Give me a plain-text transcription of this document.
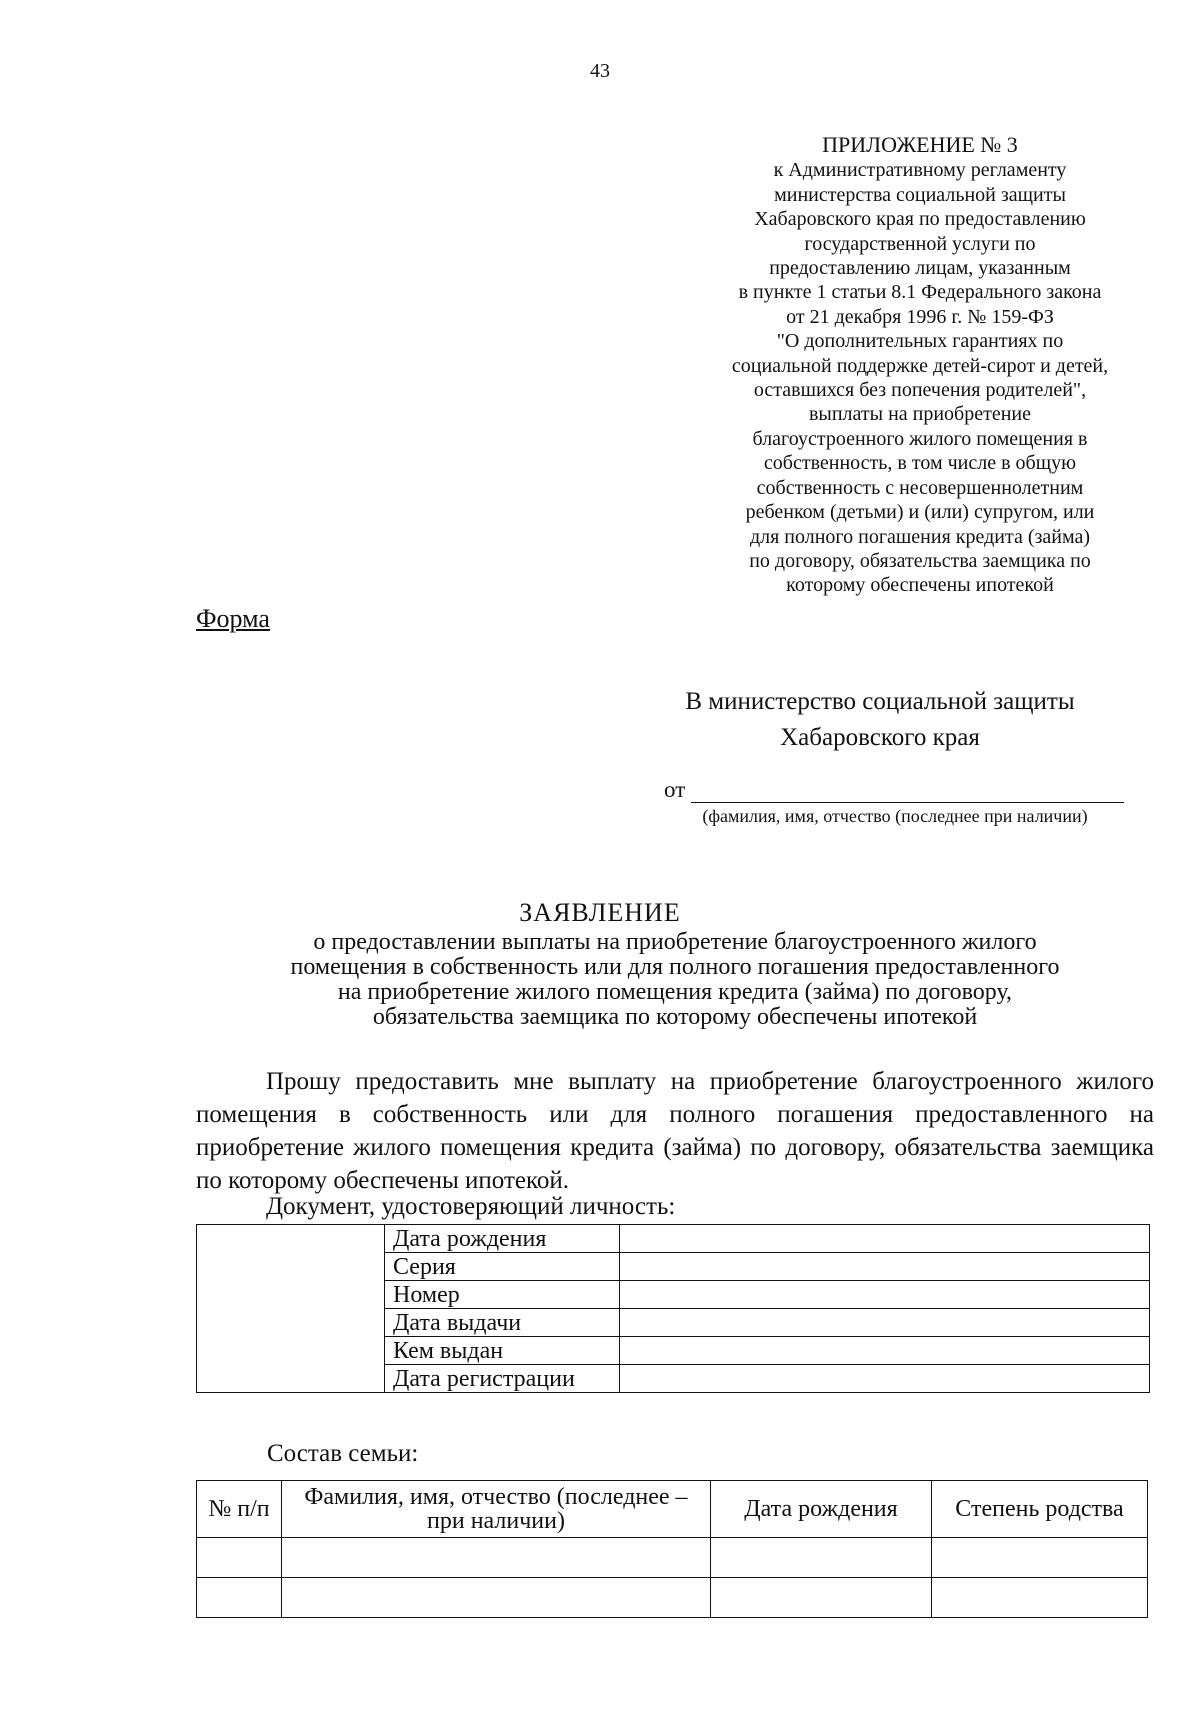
43
ПРИЛОЖЕНИЕ № 3
к Административному регламенту
министерства социальной защиты
Хабаровского края по предоставлению
государственной услуги по
предоставлению лицам, указанным
в пункте 1 статьи 8.1 Федерального закона
от 21 декабря 1996 г. № 159-ФЗ
"О дополнительных гарантиях по
социальной поддержке детей-сирот и детей,
оставшихся без попечения родителей",
выплаты на приобретение
благоустроенного жилого помещения в
собственность, в том числе в общую
собственность с несовершеннолетним
ребенком (детьми) и (или) супругом, или
для полного погашения кредита (займа)
по договору, обязательства заемщика по
которому обеспечены ипотекой
Форма
В министерство социальной защиты
Хабаровского края
от
(фамилия, имя, отчество (последнее при наличии)
ЗАЯВЛЕНИЕ
о предоставлении выплаты на приобретение благоустроенного жилого
помещения в собственность или для полного погашения предоставленного
на приобретение жилого помещения кредита (займа) по договору,
обязательства заемщика по которому обеспечены ипотекой
Прошу предоставить мне выплату на приобретение благоустроенного жилого помещения в собственность или для полного погашения предоставленного на приобретение жилого помещения кредита (займа) по договору, обязательства заемщика по которому обеспечены ипотекой.
Документ, удостоверяющий личность:
	Дата рождения	
	Серия	
	Номер	
	Дата выдачи	
	Кем выдан	
	Дата регистрации	
Состав семьи:
№ п/п	Фамилия, имя, отчество (последнее – при наличии)	Дата рождения	Степень родства
